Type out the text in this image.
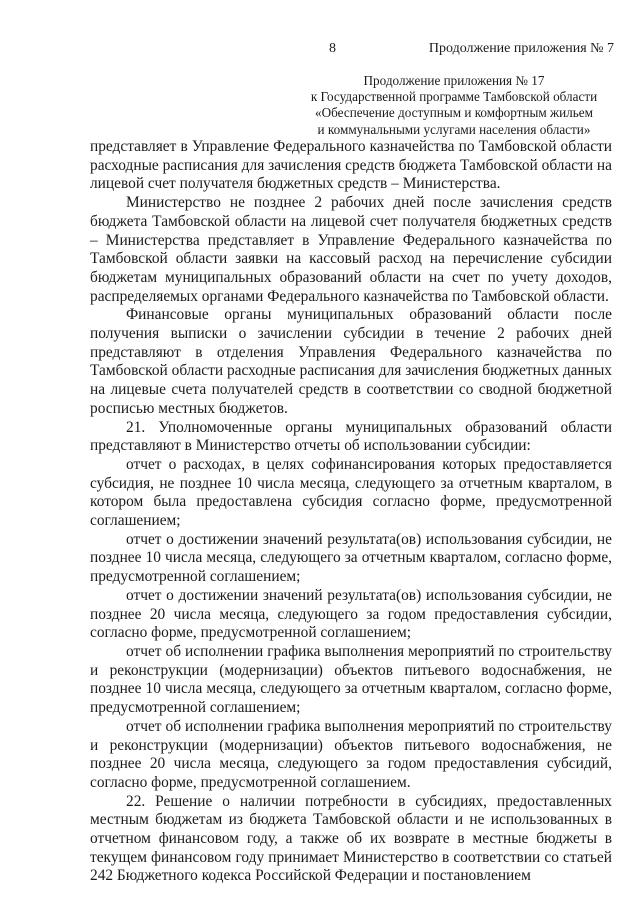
8	Продолжение приложения № 7
Продолжение приложения № 17
к Государственной программе Тамбовской области
«Обеспечение доступным и комфортным жильем
и коммунальными услугами населения области»

представляет в Управление Федерального казначейства по Тамбовской области расходные расписания для зачисления средств бюджета Тамбовской области на лицевой счет получателя бюджетных средств – Министерства.

Министерство не позднее 2 рабочих дней после зачисления средств бюджета Тамбовской области на лицевой счет получателя бюджетных средств – Министерства представляет в Управление Федерального казначейства по Тамбовской области заявки на кассовый расход на перечисление субсидии бюджетам муниципальных образований области на счет по учету доходов, распределяемых органами Федерального казначейства по Тамбовской области.

Финансовые органы муниципальных образований области после получения выписки о зачислении субсидии в течение 2 рабочих дней представляют в отделения Управления Федерального казначейства по Тамбовской области расходные расписания для зачисления бюджетных данных на лицевые счета получателей средств в соответствии со сводной бюджетной росписью местных бюджетов.

21. Уполномоченные органы муниципальных образований области представляют в Министерство отчеты об использовании субсидии:

отчет о расходах, в целях софинансирования которых предоставляется субсидия, не позднее 10 числа месяца, следующего за отчетным кварталом, в котором была предоставлена субсидия согласно форме, предусмотренной соглашением;

отчет о достижении значений результата(ов) использования субсидии, не позднее 10 числа месяца, следующего за отчетным кварталом, согласно форме, предусмотренной соглашением;

отчет о достижении значений результата(ов) использования субсидии, не позднее 20 числа месяца, следующего за годом предоставления субсидии, согласно форме, предусмотренной соглашением;

отчет об исполнении графика выполнения мероприятий по строительству и реконструкции (модернизации) объектов питьевого водоснабжения, не позднее 10 числа месяца, следующего за отчетным кварталом, согласно форме, предусмотренной соглашением;

отчет об исполнении графика выполнения мероприятий по строительству и реконструкции (модернизации) объектов питьевого водоснабжения, не позднее 20 числа месяца, следующего за годом предоставления субсидий, согласно форме, предусмотренной соглашением.

22. Решение о наличии потребности в субсидиях, предоставленных местным бюджетам из бюджета Тамбовской области и не использованных в отчетном финансовом году, а также об их возврате в местные бюджеты в текущем финансовом году принимает Министерство в соответствии со статьей 242 Бюджетного кодекса Российской Федерации и постановлением
